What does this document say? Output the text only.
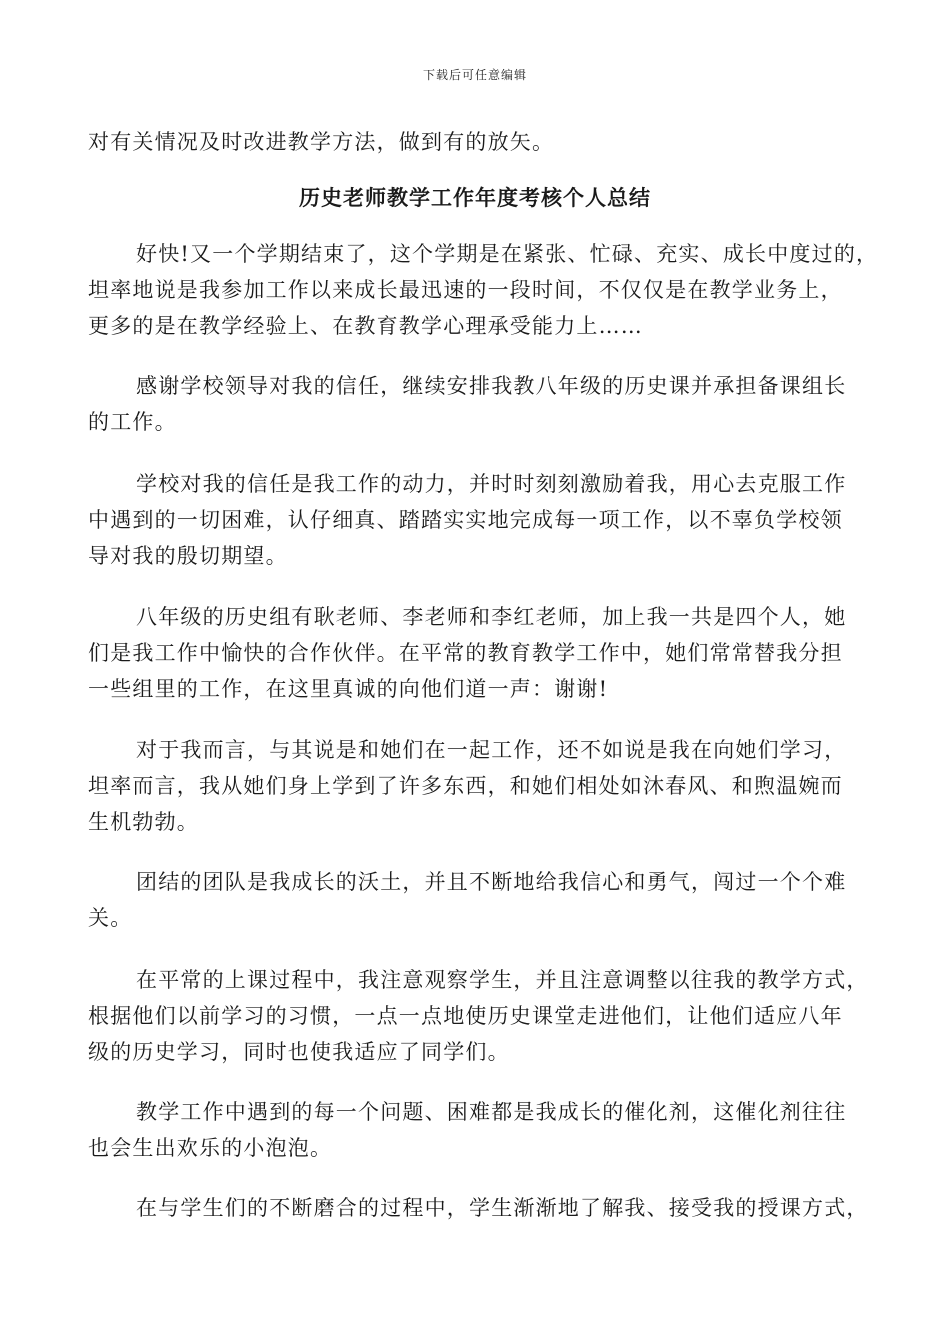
下载后可任意编辑
对有关情况及时改进教学方法，做到有的放矢。
历史老师教学工作年度考核个人总结
好快!又一个学期结束了，这个学期是在紧张、忙碌、充实、成长中度过的，
坦率地说是我参加工作以来成长最迅速的一段时间，不仅仅是在教学业务上，
更多的是在教学经验上、在教育教学心理承受能力上……
感谢学校领导对我的信任，继续安排我教八年级的历史课并承担备课组长
的工作。
学校对我的信任是我工作的动力，并时时刻刻激励着我，用心去克服工作
中遇到的一切困难，认仔细真、踏踏实实地完成每一项工作，以不辜负学校领
导对我的殷切期望。
八年级的历史组有耿老师、李老师和李红老师，加上我一共是四个人，她
们是我工作中愉快的合作伙伴。在平常的教育教学工作中，她们常常替我分担
一些组里的工作，在这里真诚的向他们道一声：谢谢!
对于我而言，与其说是和她们在一起工作，还不如说是我在向她们学习，
坦率而言，我从她们身上学到了许多东西，和她们相处如沐春风、和煦温婉而
生机勃勃。
团结的团队是我成长的沃土，并且不断地给我信心和勇气，闯过一个个难
关。
在平常的上课过程中，我注意观察学生，并且注意调整以往我的教学方式，
根据他们以前学习的习惯，一点一点地使历史课堂走进他们，让他们适应八年
级的历史学习，同时也使我适应了同学们。
教学工作中遇到的每一个问题、困难都是我成长的催化剂，这催化剂往往
也会生出欢乐的小泡泡。
在与学生们的不断磨合的过程中，学生渐渐地了解我、接受我的授课方式，
